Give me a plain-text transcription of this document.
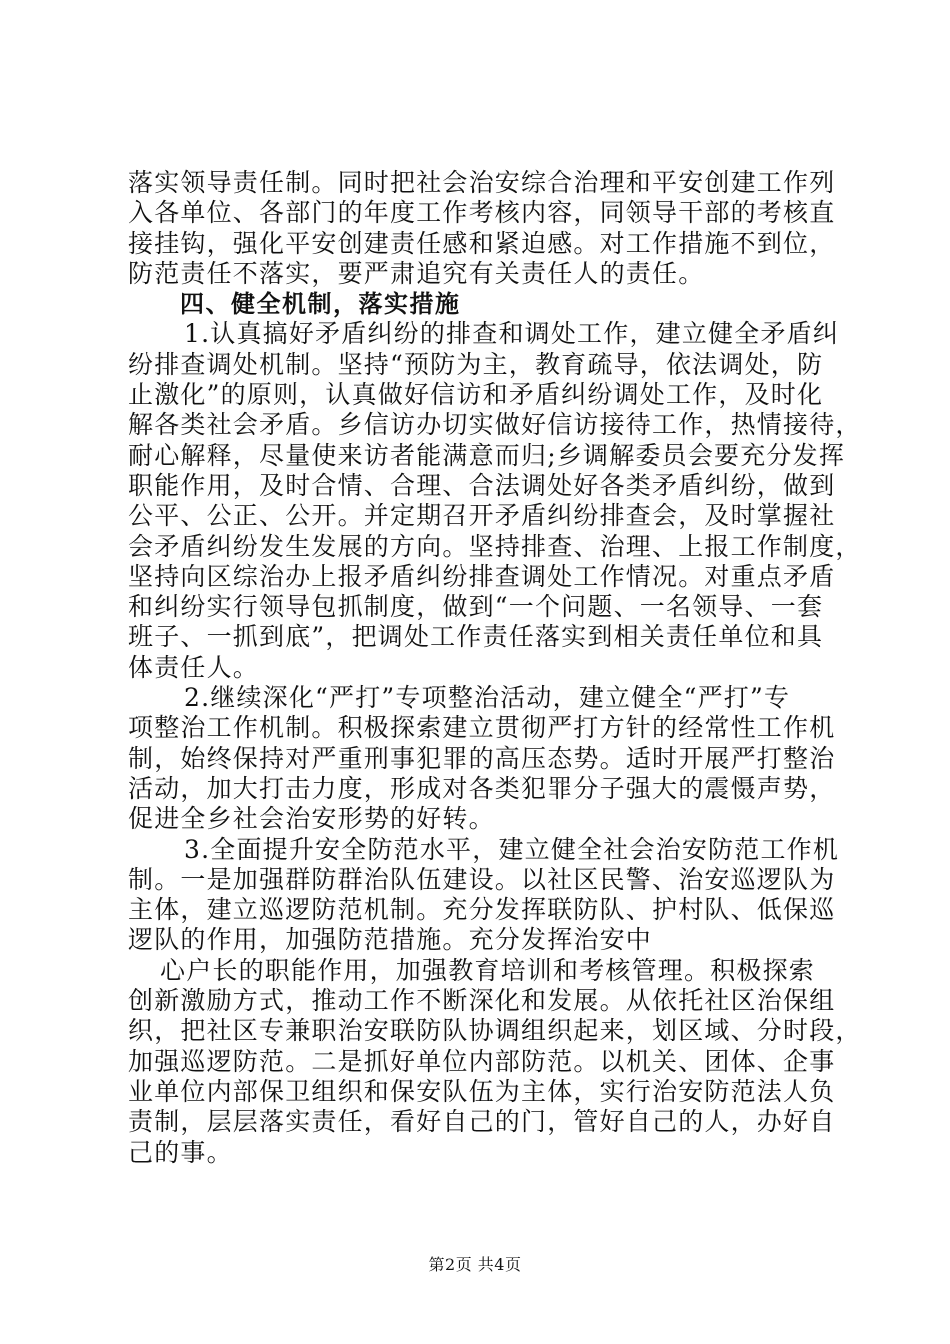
落实领导责任制。同时把社会治安综合治理和平安创建工作列
入各单位、各部门的年度工作考核内容，同领导干部的考核直
接挂钩，强化平安创建责任感和紧迫感。对工作措施不到位，
防范责任不落实，要严肃追究有关责任人的责任。
四、健全机制，落实措施
1.认真搞好矛盾纠纷的排查和调处工作，建立健全矛盾纠
纷排查调处机制。坚持“预防为主，教育疏导，依法调处，防
止激化”的原则，认真做好信访和矛盾纠纷调处工作，及时化
解各类社会矛盾。乡信访办切实做好信访接待工作，热情接待，
耐心解释，尽量使来访者能满意而归;乡调解委员会要充分发挥
职能作用，及时合情、合理、合法调处好各类矛盾纠纷，做到
公平、公正、公开。并定期召开矛盾纠纷排查会，及时掌握社
会矛盾纠纷发生发展的方向。坚持排查、治理、上报工作制度，
坚持向区综治办上报矛盾纠纷排查调处工作情况。对重点矛盾
和纠纷实行领导包抓制度，做到“一个问题、一名领导、一套
班子、一抓到底”，把调处工作责任落实到相关责任单位和具
体责任人。
2.继续深化“严打”专项整治活动，建立健全“严打”专
项整治工作机制。积极探索建立贯彻严打方针的经常性工作机
制，始终保持对严重刑事犯罪的高压态势。适时开展严打整治
活动，加大打击力度，形成对各类犯罪分子强大的震慑声势，
促进全乡社会治安形势的好转。
3.全面提升安全防范水平，建立健全社会治安防范工作机
制。一是加强群防群治队伍建设。以社区民警、治安巡逻队为
主体，建立巡逻防范机制。充分发挥联防队、护村队、低保巡
逻队的作用，加强防范措施。充分发挥治安中
心户长的职能作用，加强教育培训和考核管理。积极探索
创新激励方式，推动工作不断深化和发展。从依托社区治保组
织，把社区专兼职治安联防队协调组织起来，划区域、分时段，
加强巡逻防范。二是抓好单位内部防范。以机关、团体、企事
业单位内部保卫组织和保安队伍为主体，实行治安防范法人负
责制，层层落实责任，看好自己的门，管好自己的人，办好自
己的事。
第2页 共4页
